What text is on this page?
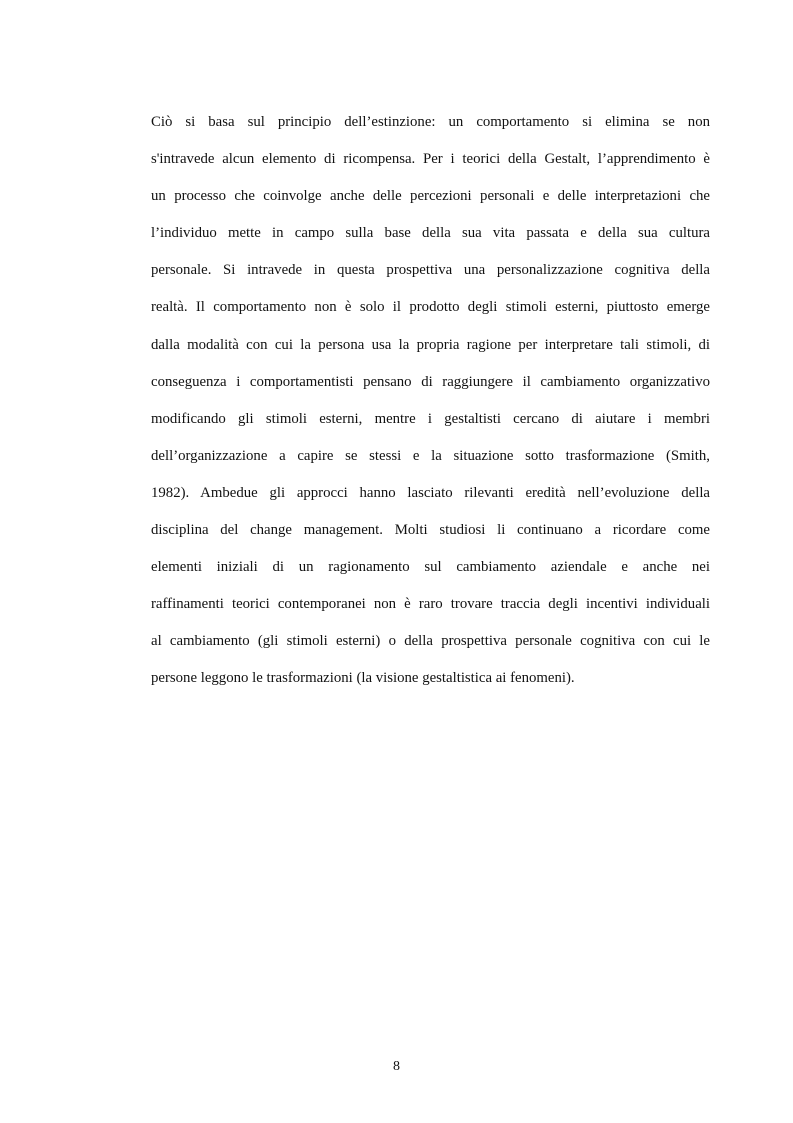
Ciò si basa sul principio dell’estinzione: un comportamento si elimina se non
s'intravede alcun elemento di ricompensa. Per i teorici della Gestalt, l’apprendimento è
un processo che coinvolge anche delle percezioni personali e delle interpretazioni che
l’individuo mette in campo sulla base della sua vita passata e della sua cultura
personale. Si intravede in questa prospettiva una personalizzazione cognitiva della
realtà. Il comportamento non è solo il prodotto degli stimoli esterni, piuttosto emerge
dalla modalità con cui la persona usa la propria ragione per interpretare tali stimoli, di
conseguenza i comportamentisti pensano di raggiungere il cambiamento organizzativo
modificando gli stimoli esterni, mentre i gestaltisti cercano di aiutare i membri
dell’organizzazione a capire se stessi e la situazione sotto trasformazione (Smith,
1982). Ambedue gli approcci hanno lasciato rilevanti eredità nell’evoluzione della
disciplina del change management. Molti studiosi li continuano a ricordare come
elementi iniziali di un ragionamento sul cambiamento aziendale e anche nei
raffinamenti teorici contemporanei non è raro trovare traccia degli incentivi individuali
al cambiamento (gli stimoli esterni) o della prospettiva personale cognitiva con cui le
persone leggono le trasformazioni (la visione gestaltistica ai fenomeni).
8
